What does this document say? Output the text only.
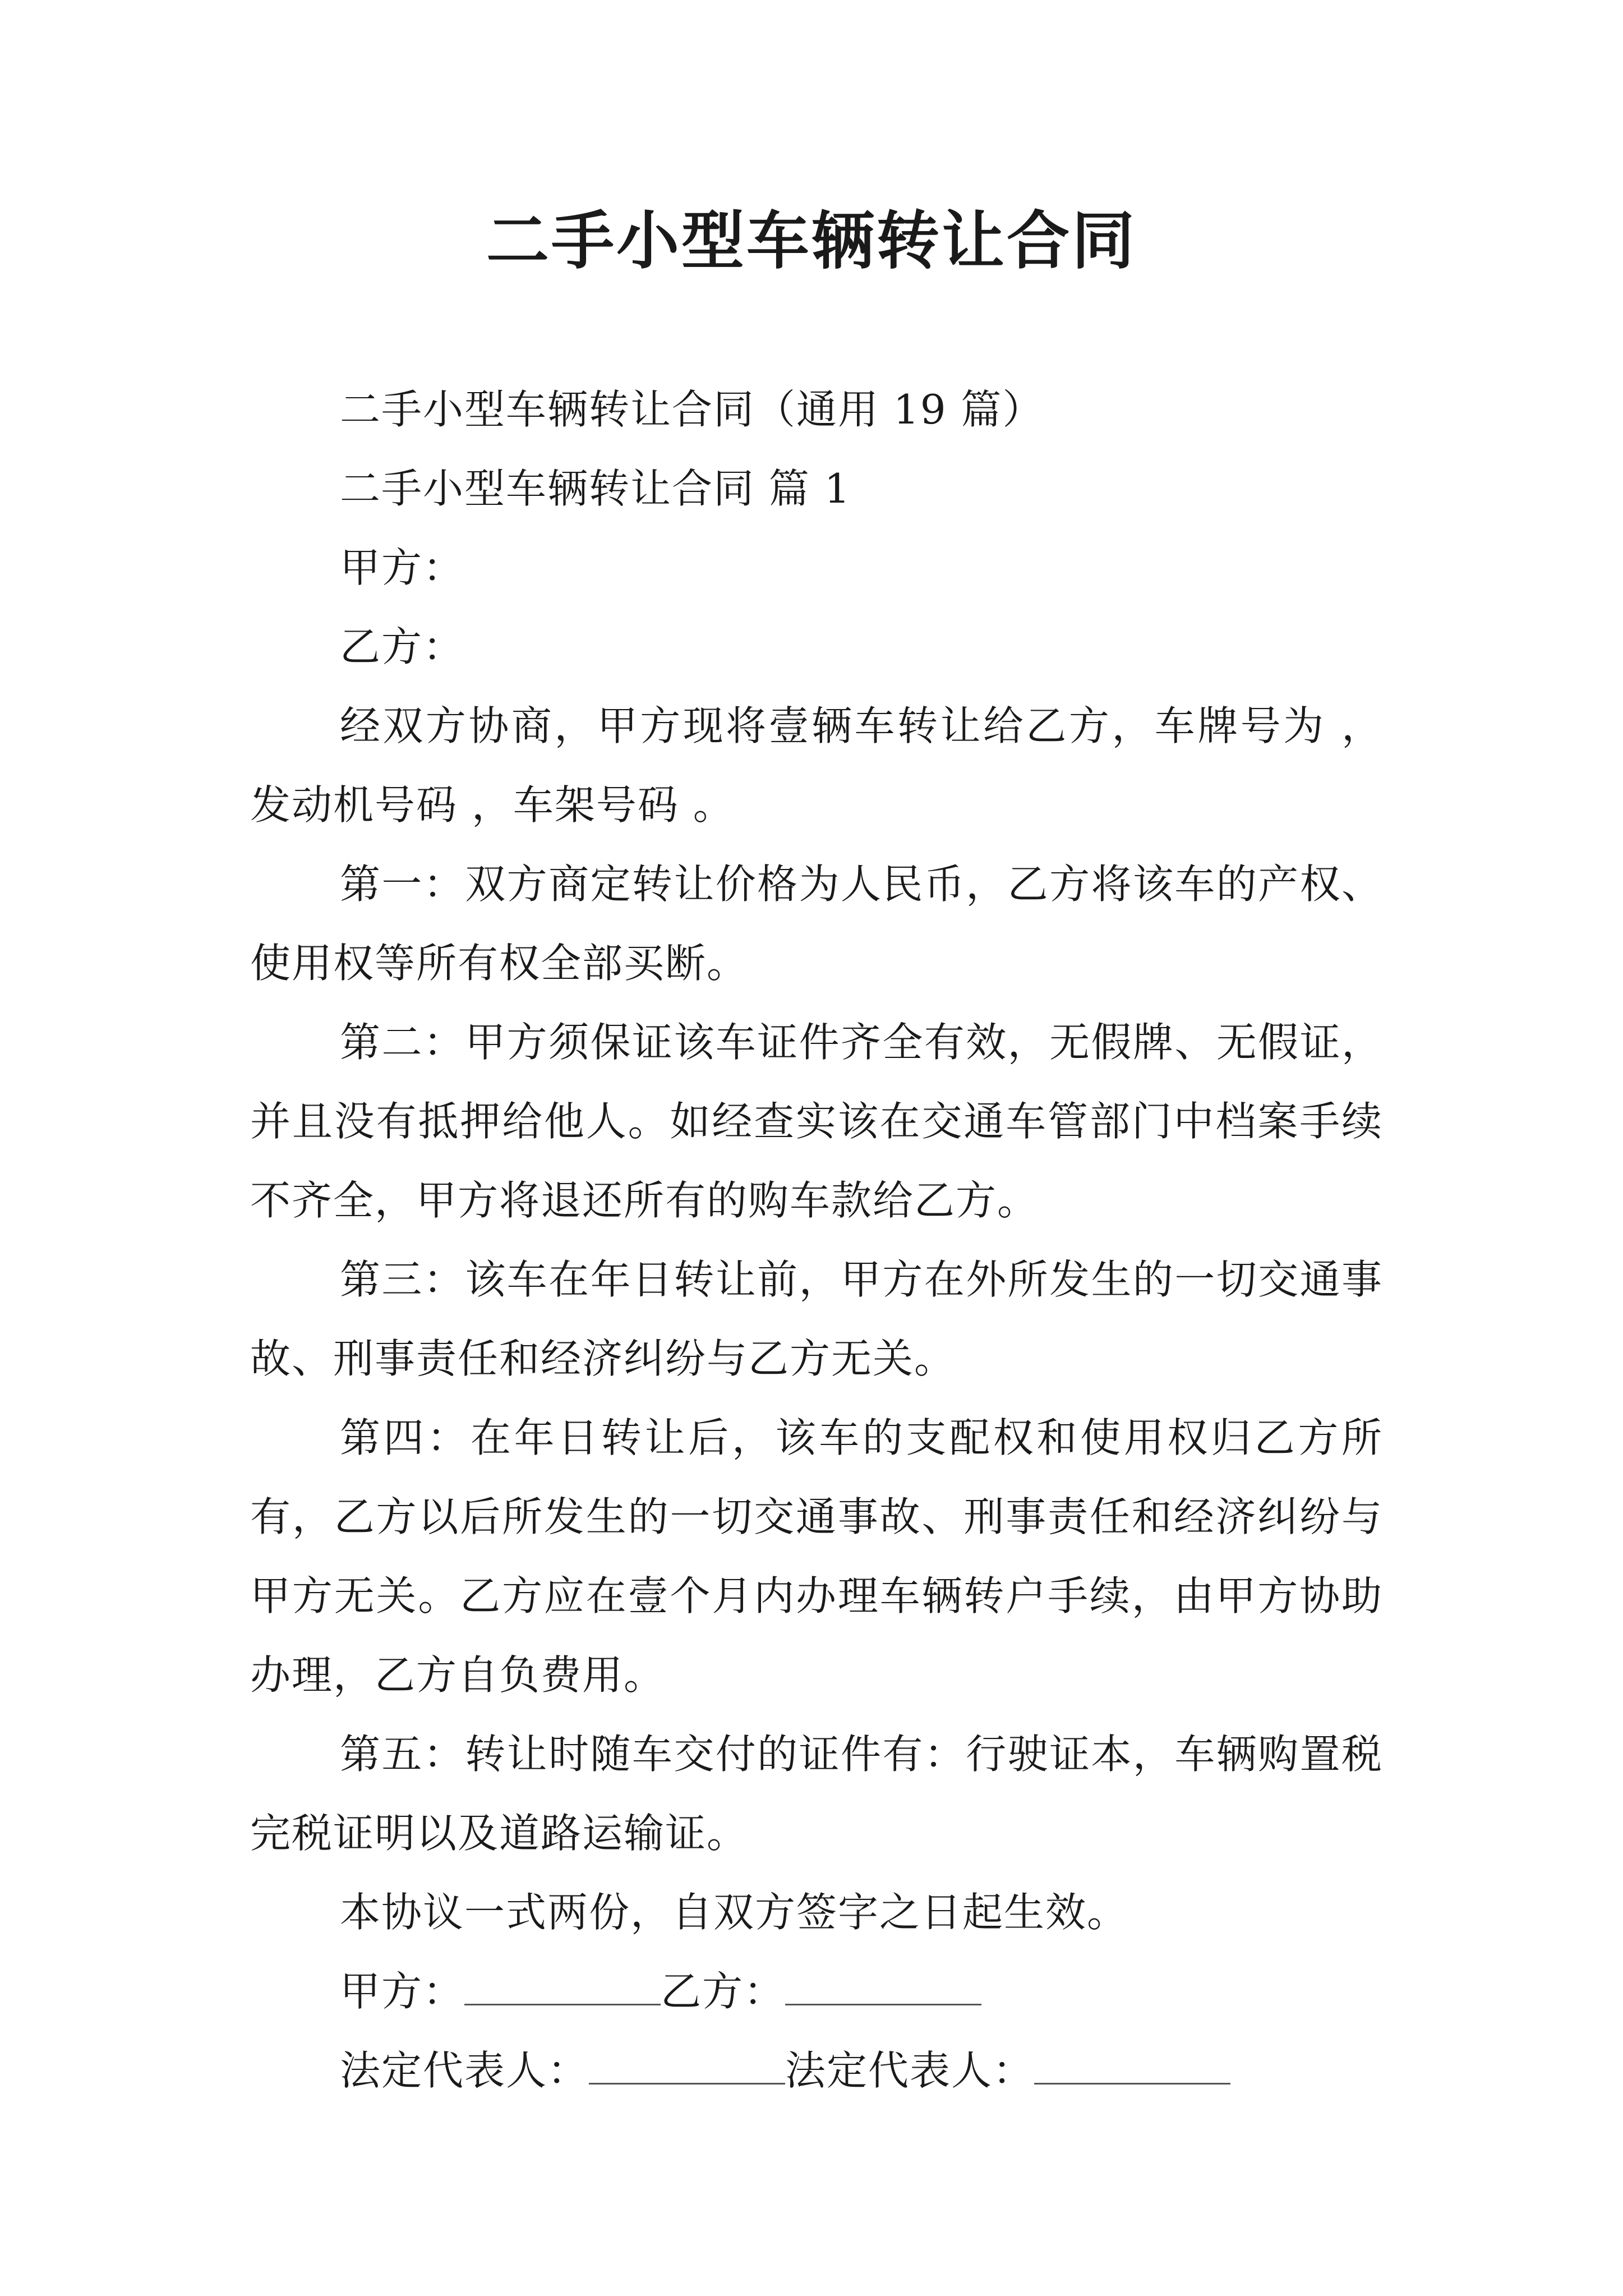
二手小型车辆转让合同

二手小型车辆转让合同（通用 19 篇）

二手小型车辆转让合同 篇 1

甲方：

乙方：

经双方协商，甲方现将壹辆车转让给乙方，车牌号为 ，发动机号码 ，车架号码 。

第一：双方商定转让价格为人民币，乙方将该车的产权、使用权等所有权全部买断。

第二：甲方须保证该车证件齐全有效，无假牌、无假证，并且没有抵押给他人。如经查实该在交通车管部门中档案手续不齐全，甲方将退还所有的购车款给乙方。

第三：该车在年日转让前，甲方在外所发生的一切交通事故、刑事责任和经济纠纷与乙方无关。

第四：在年日转让后，该车的支配权和使用权归乙方所有，乙方以后所发生的一切交通事故、刑事责任和经济纠纷与甲方无关。乙方应在壹个月内办理车辆转户手续，由甲方协助办理，乙方自负费用。

第五：转让时随车交付的证件有：行驶证本，车辆购置税完税证明以及道路运输证。

本协议一式两份，自双方签字之日起生效。

甲方：	乙方：

法定代表人：	法定代表人：
